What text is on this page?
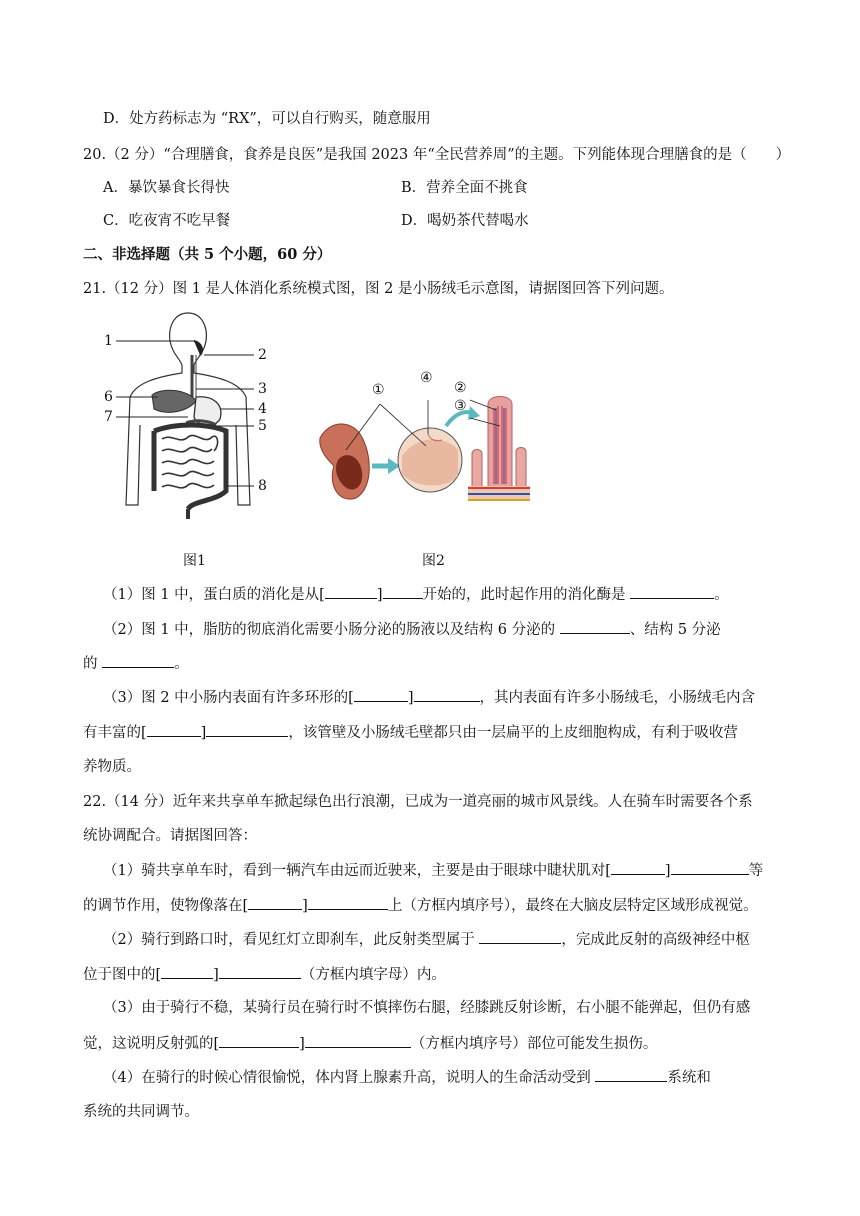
D．处方药标志为 “RX”，可以自行购买，随意服用
20.（2 分）“合理膳食，食养是良医”是我国 2023 年“全民营养周”的主题。下列能体现合理膳食的是（　　）
A．暴饮暴食长得快	B．营养全面不挑食
C．吃夜宵不吃早餐	D．喝奶茶代替喝水
二、非选择题（共 5 个小题，60 分）
21.（12 分）图 1 是人体消化系统模式图，图 2 是小肠绒毛示意图，请据图回答下列问题。
1
2
3
6
4
7
5
8
图1
①
④
②
③
图2
（1）图 1 中，蛋白质的消化是从[	]	开始的，此时起作用的消化酶是	。
（2）图 1 中，脂肪的彻底消化需要小肠分泌的肠液以及结构 6 分泌的	、结构 5 分泌
的	。
（3）图 2 中小肠内表面有许多环形的[	]	，其内表面有许多小肠绒毛，小肠绒毛内含
有丰富的[	]	，该管壁及小肠绒毛壁都只由一层扁平的上皮细胞构成，有利于吸收营
养物质。
22.（14 分）近年来共享单车掀起绿色出行浪潮，已成为一道亮丽的城市风景线。人在骑车时需要各个系
统协调配合。请据图回答：
（1）骑共享单车时，看到一辆汽车由远而近驶来，主要是由于眼球中睫状肌对[	]	等
的调节作用，使物像落在[	]	上（方框内填序号），最终在大脑皮层特定区域形成视觉。
（2）骑行到路口时，看见红灯立即刹车，此反射类型属于	，完成此反射的高级神经中枢
位于图中的[	]	（方框内填字母）内。
（3）由于骑行不稳，某骑行员在骑行时不慎摔伤右腿，经膝跳反射诊断，右小腿不能弹起，但仍有感
觉，这说明反射弧的[	]	（方框内填序号）部位可能发生损伤。
（4）在骑行的时候心情很愉悦，体内肾上腺素升高，说明人的生命活动受到	系统和
系统的共同调节。
